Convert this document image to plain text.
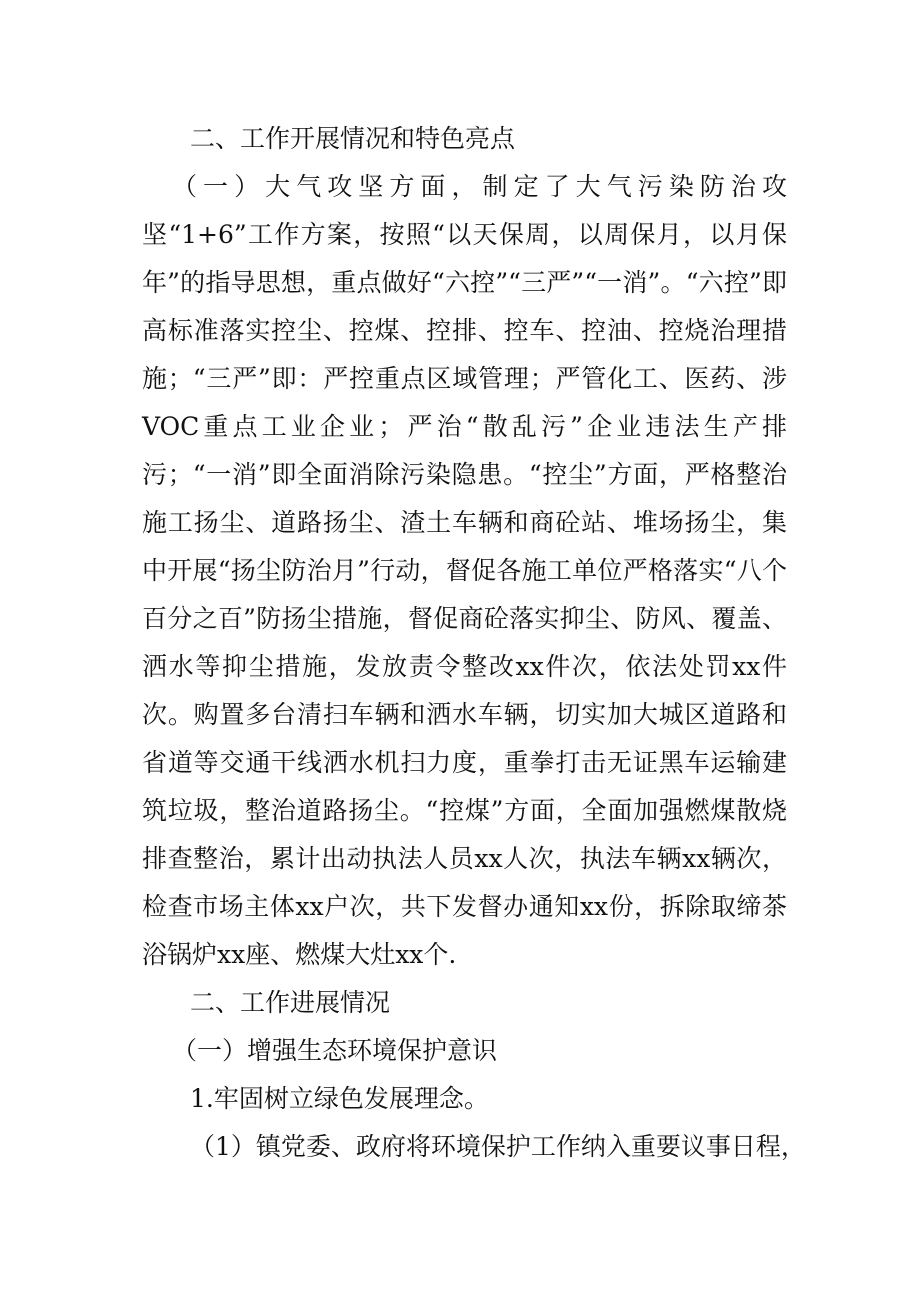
二、工作开展情况和特色亮点

（一）大气攻坚方面，制定了大气污染防治攻坚“1+6”工作方案，按照“以天保周，以周保月，以月保年”的指导思想，重点做好“六控”“三严”“一消”。“六控”即高标准落实控尘、控煤、控排、控车、控油、控烧治理措施；“三严”即：严控重点区域管理；严管化工、医药、涉VOC重点工业企业；严治“散乱污”企业违法生产排污；“一消”即全面消除污染隐患。“控尘”方面，严格整治施工扬尘、道路扬尘、渣土车辆和商砼站、堆场扬尘，集中开展“扬尘防治月”行动，督促各施工单位严格落实“八个百分之百”防扬尘措施，督促商砼落实抑尘、防风、覆盖、洒水等抑尘措施，发放责令整改xx件次，依法处罚xx件次。购置多台清扫车辆和洒水车辆，切实加大城区道路和省道等交通干线洒水机扫力度，重拳打击无证黑车运输建筑垃圾，整治道路扬尘。“控煤”方面，全面加强燃煤散烧排查整治，累计出动执法人员xx人次，执法车辆xx辆次，检查市场主体xx户次，共下发督办通知xx份，拆除取缔茶浴锅炉xx座、燃煤大灶xx个.

二、工作进展情况

（一）增强生态环境保护意识

1.牢固树立绿色发展理念。

（1）镇党委、政府将环境保护工作纳入重要议事日程，
